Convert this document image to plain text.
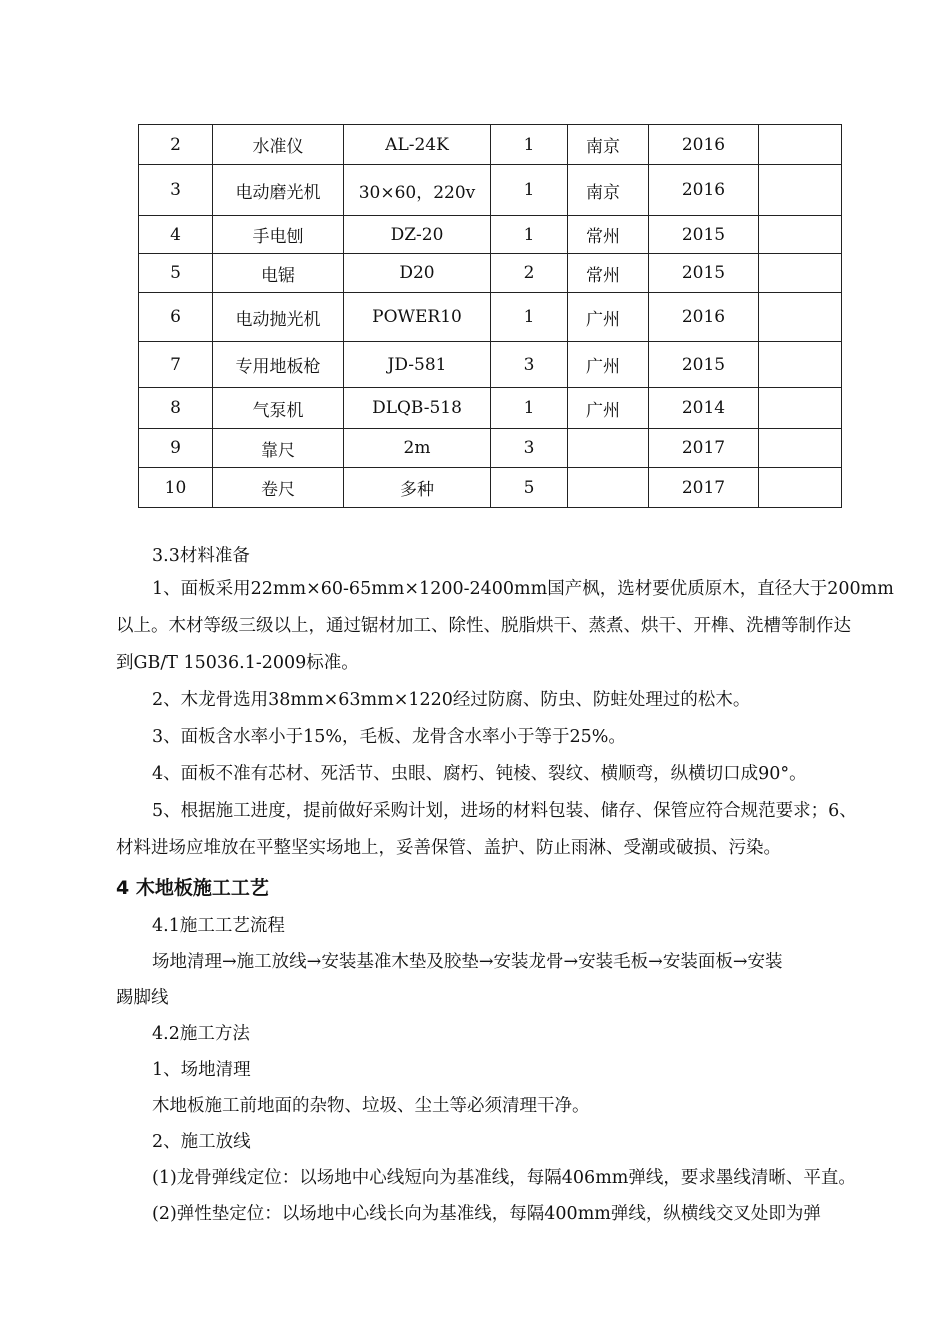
2	水准仪	AL-24K	1	南京	2016	
3	电动磨光机	30×60，220v	1	南京	2016	
4	手电刨	DZ-20	1	常州	2015	
5	电锯	D20	2	常州	2015	
6	电动抛光机	POWER10	1	广州	2016	
7	专用地板枪	JD-581	3	广州	2015	
8	气泵机	DLQB-518	1	广州	2014	
9	靠尺	2m	3		2017	
10	卷尺	多种	5		2017	

3.3材料准备

1、面板采用22mm×60-65mm×1200-2400mm国产枫，选材要优质原木，直径大于200mm

以上。木材等级三级以上，通过锯材加工、除性、脱脂烘干、蒸煮、烘干、开榫、洗槽等制作达

到GB/T 15036.1-2009标准。

2、木龙骨选用38mm×63mm×1220经过防腐、防虫、防蛀处理过的松木。

3、面板含水率小于15%，毛板、龙骨含水率小于等于25%。

4、面板不准有芯材、死活节、虫眼、腐朽、钝棱、裂纹、横顺弯，纵横切口成90°。

5、根据施工进度，提前做好采购计划，进场的材料包装、储存、保管应符合规范要求；6、

材料进场应堆放在平整坚实场地上，妥善保管、盖护、防止雨淋、受潮或破损、污染。

4 木地板施工工艺

4.1施工工艺流程

场地清理→施工放线→安装基准木垫及胶垫→安装龙骨→安装毛板→安装面板→安装

踢脚线

4.2施工方法

1、场地清理

木地板施工前地面的杂物、垃圾、尘土等必须清理干净。

2、施工放线

(1)龙骨弹线定位：以场地中心线短向为基准线，每隔406mm弹线，要求墨线清晰、平直。

(2)弹性垫定位：以场地中心线长向为基准线，每隔400mm弹线，纵横线交叉处即为弹
